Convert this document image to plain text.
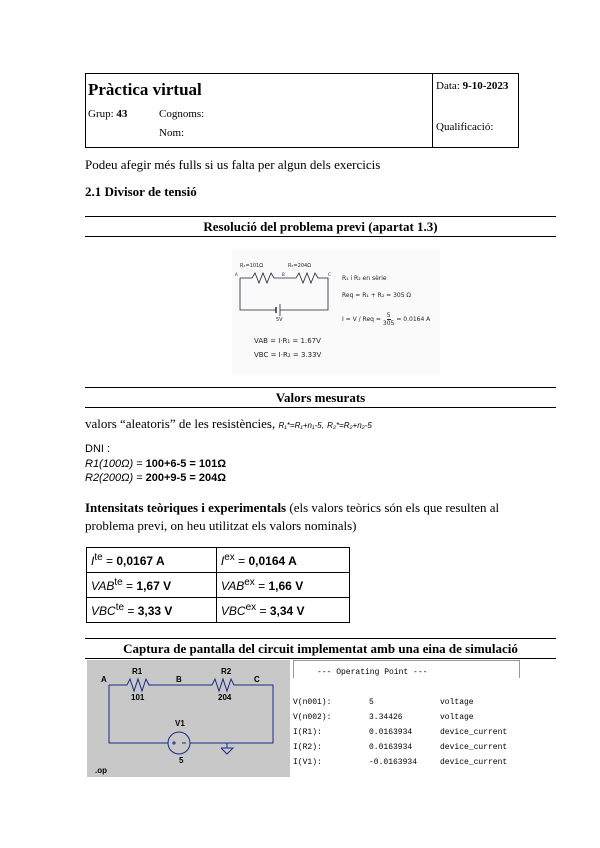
Pràctica virtual
Grup: 43	Cognoms:
Nom:
Data: 9-10-2023
Qualificació:
Podeu afegir més fulls si us falta per algun dels exercicis
2.1 Divisor de tensió
Resolució del problema previ (apartat 1.3)
R₁=101Ω	R₂=204Ω
A	B	C
5V
R₁ i R₂ en sèrie
Req = R₁ + R₂ = 305 Ω
I = V / Req = $\frac{5}{305} = 0.0164$ A
VAB = I·R₁ = 1.67V
VBC = I·R₂ = 3.33V
Valors mesurats
valors “aleatoris” de les resistències, R₁*=R₁+n₁-5, R₂*=R₂+n₂-5
DNI :
R1(100Ω) = 100+6-5 = 101Ω
R2(200Ω) = 200+9-5 = 204Ω
Intensitats teòriques i experimentals (els valors teòrics són els que resulten al
problema previ, on heu utilitzat els valors nominals)
$I^{te} = 0,0167$ A	$I^{ex} = 0,0164$ A
$VAB^{te} = 1,67$ V	$VAB^{ex} = 1,66$ V
$VBC^{te} = 3,33$ V	$VBC^{ex} = 3,34$ V
Captura de pantalla del circuit implementat amb una eina de simulació
A	B	C
R1
101
R2
204
V1
5
.op
--- Operating Point ---
V(n001):	5	voltage
V(n002):	3.34426	voltage
I(R1):	0.0163934	device_current
I(R2):	0.0163934	device_current
I(V1):	-0.0163934	device_current
